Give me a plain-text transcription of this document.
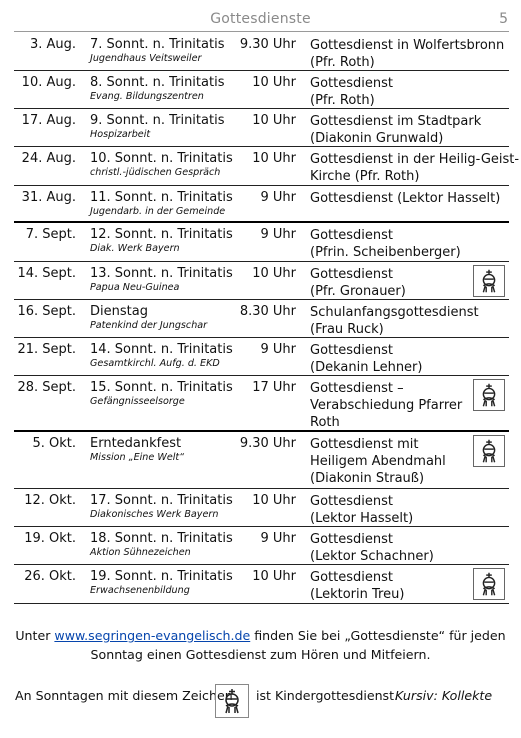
Gottesdienste	5
3. Aug. 7. Sonnt. n. Trinitatis
Jugendhaus Veitsweiler
9.30 Uhr Gottesdienst in Wolfertsbronn
(Pfr. Roth)
10. Aug. 8. Sonnt. n. Trinitatis
Evang. Bildungszentren
10 Uhr Gottesdienst
(Pfr. Roth)
17. Aug. 9. Sonnt. n. Trinitatis
Hospizarbeit
10 Uhr Gottesdienst im Stadtpark
(Diakonin Grunwald)
24. Aug. 10. Sonnt. n. Trinitatis
christl.-jüdischen Gespräch
10 Uhr Gottesdienst in der Heilig-Geist-
Kirche (Pfr. Roth)
31. Aug. 11. Sonnt. n. Trinitatis
Jugendarb. in der Gemeinde
9 Uhr Gottesdienst (Lektor Hasselt)
7. Sept. 12. Sonnt. n. Trinitatis
Diak. Werk Bayern
9 Uhr Gottesdienst
(Pfrin. Scheibenberger)
14. Sept. 13. Sonnt. n. Trinitatis
Papua Neu-Guinea
10 Uhr Gottesdienst
(Pfr. Gronauer)
16. Sept. Dienstag
Patenkind der Jungschar
8.30 Uhr Schulanfangsgottesdienst
(Frau Ruck)
21. Sept. 14. Sonnt. n. Trinitatis
Gesamtkirchl. Aufg. d. EKD
9 Uhr Gottesdienst
(Dekanin Lehner)
28. Sept. 15. Sonnt. n. Trinitatis
Gefängnisseelsorge
17 Uhr Gottesdienst –
Verabschiedung Pfarrer
Roth
5. Okt. Erntedankfest
Mission „Eine Welt“
9.30 Uhr Gottesdienst mit
Heiligem Abendmahl
(Diakonin Strauß)
12. Okt. 17. Sonnt. n. Trinitatis
Diakonisches Werk Bayern
10 Uhr Gottesdienst
(Lektor Hasselt)
19. Okt. 18. Sonnt. n. Trinitatis
Aktion Sühnezeichen
9 Uhr Gottesdienst
(Lektor Schachner)
26. Okt. 19. Sonnt. n. Trinitatis
Erwachsenenbildung
10 Uhr Gottesdienst
(Lektorin Treu)
Unter www.segringen-evangelisch.de finden Sie bei „Gottesdienste“ für jeden
Sonntag einen Gottesdienst zum Hören und Mitfeiern.
An Sonntagen mit diesem Zeichen ist Kindergottesdienst.
Kursiv: Kollekte
